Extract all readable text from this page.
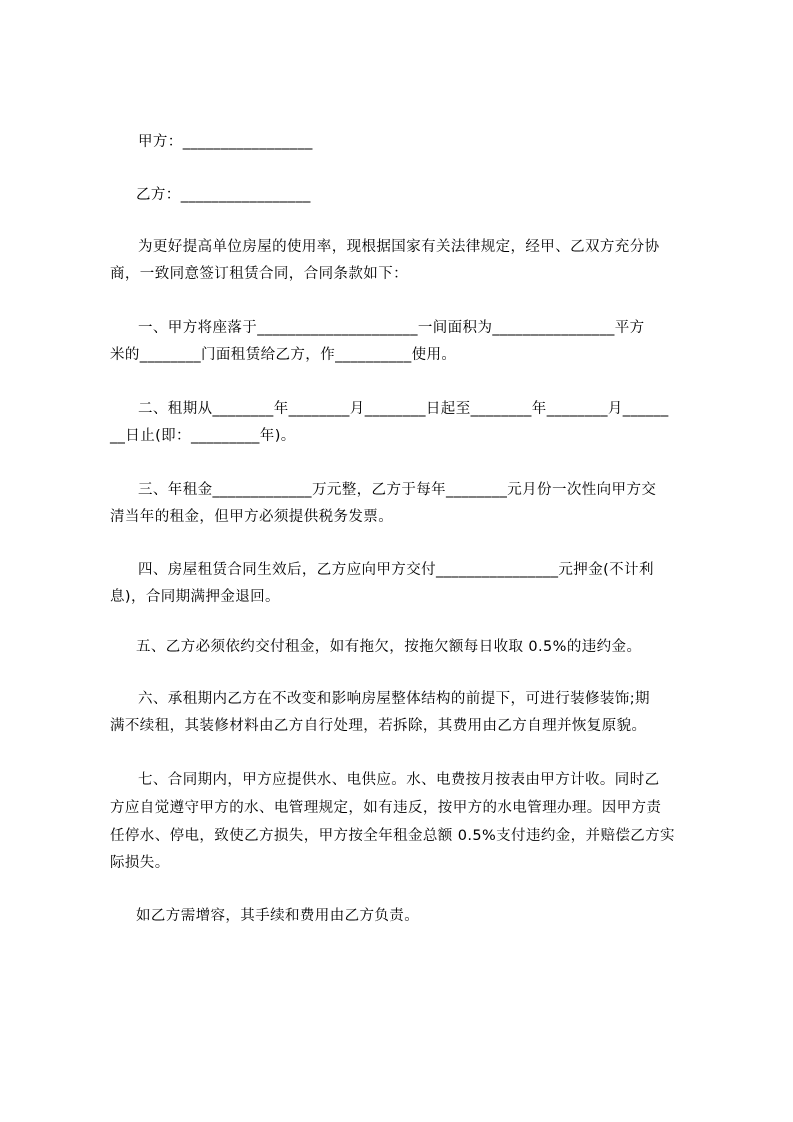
甲方：_________________

乙方：_________________

为更好提高单位房屋的使用率，现根据国家有关法律规定，经甲、乙双方充分协

商，一致同意签订租赁合同，合同条款如下：

一、甲方将座落于_____________________一间面积为________________平方

米的________门面租赁给乙方，作__________使用。

二、租期从________年________月________日起至________年________月______

__日止(即：_________年)。

三、年租金_____________万元整，乙方于每年________元月份一次性向甲方交

清当年的租金，但甲方必须提供税务发票。

四、房屋租赁合同生效后，乙方应向甲方交付________________元押金(不计利

息)，合同期满押金退回。

五、乙方必须依约交付租金，如有拖欠，按拖欠额每日收取 0.5%的违约金。

六、承租期内乙方在不改变和影响房屋整体结构的前提下，可进行装修装饰;期

满不续租，其装修材料由乙方自行处理，若拆除，其费用由乙方自理并恢复原貌。

七、合同期内，甲方应提供水、电供应。水、电费按月按表由甲方计收。同时乙

方应自觉遵守甲方的水、电管理规定，如有违反，按甲方的水电管理办理。因甲方责

任停水、停电，致使乙方损失，甲方按全年租金总额 0.5%支付违约金，并赔偿乙方实

际损失。

如乙方需增容，其手续和费用由乙方负责。
